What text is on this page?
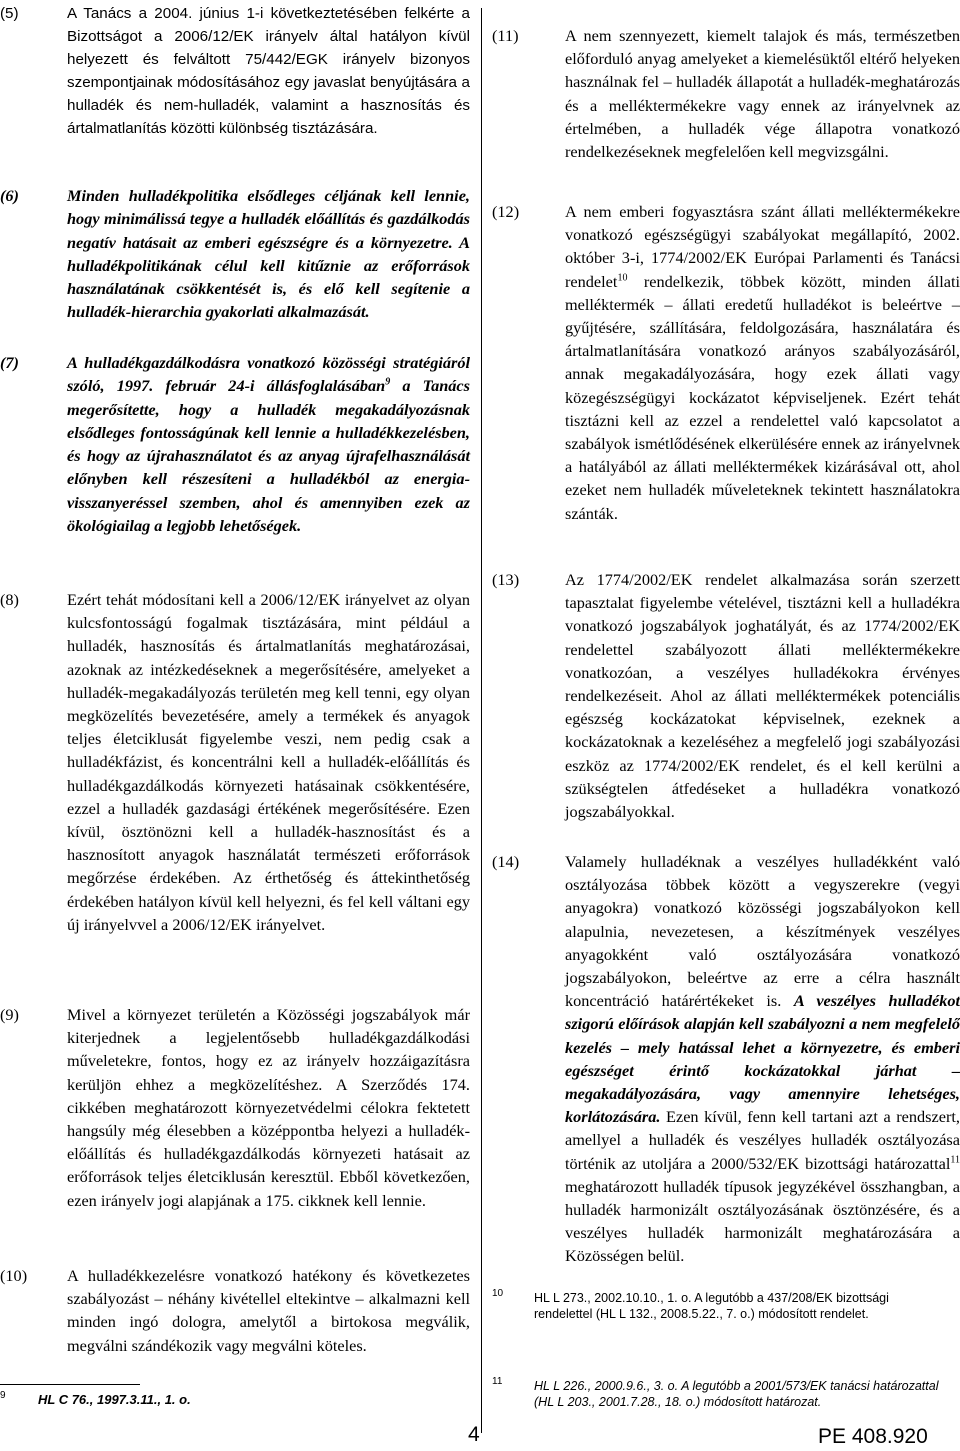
(5)	A Tanács a 2004. június 1-i következtetésében felkérte a Bizottságot a 2006/12/EK irányelv által hatályon kívül helyezett és felváltott 75/442/EGK irányelv bizonyos szempontjainak módosításához egy javaslat benyújtására a hulladék és nem-hulladék, valamint a hasznosítás és ártalmatlanítás közötti különbség tisztázására.
(6)	Minden hulladékpolitika elsődleges céljának kell lennie, hogy minimálissá tegye a hulladék előállítás és gazdálkodás negatív hatásait az emberi egészségre és a környezetre. A hulladékpolitikának célul kell kitűznie az erőforrások használatának csökkentését is, és elő kell segítenie a hulladék-hierarchia gyakorlati alkalmazását.
(7)	A hulladékgazdálkodásra vonatkozó közösségi stratégiáról szóló, 1997. február 24-i állásfoglalásában$^9$ a Tanács megerősítette, hogy a hulladék megakadályozásnak elsődleges fontosságúnak kell lennie a hulladékkezelésben, és hogy az újrahasználatot és az anyag újrafelhasználását előnyben kell részesíteni a hulladékból az energia-visszanyeréssel szemben, ahol és amennyiben ezek az ökológiailag a legjobb lehetőségek.
(8)	Ezért tehát módosítani kell a 2006/12/EK irányelvet az olyan kulcsfontosságú fogalmak tisztázására, mint például a hulladék, hasznosítás és ártalmatlanítás meghatározásai, azoknak az intézkedéseknek a megerősítésére, amelyeket a hulladék-megakadályozás területén meg kell tenni, egy olyan megközelítés bevezetésére, amely a termékek és anyagok teljes életciklusát figyelembe veszi, nem pedig csak a hulladékfázist, és koncentrálni kell a hulladék-előállítás és hulladékgazdálkodás környezeti hatásainak csökkentésére, ezzel a hulladék gazdasági értékének megerősítésére. Ezen kívül, ösztönözni kell a hulladék-hasznosítást és a hasznosított anyagok használatát természeti erőforrások megőrzése érdekében. Az érthetőség és áttekinthetőség érdekében hatályon kívül kell helyezni, és fel kell váltani egy új irányelvvel a 2006/12/EK irányelvet.
(9)	Mivel a környezet területén a Közösségi jogszabályok már kiterjednek a legjelentősebb hulladékgazdálkodási műveletekre, fontos, hogy ez az irányelv hozzáigazításra kerüljön ehhez a megközelítéshez. A Szerződés 174. cikkében meghatározott környezetvédelmi célokra fektetett hangsúly még élesebben a középpontba helyezi a hulladék-előállítás és hulladékgazdálkodás környezeti hatásait az erőforrások teljes életciklusán keresztül. Ebből következően, ezen irányelv jogi alapjának a 175. cikknek kell lennie.
(10) A hulladékkezelésre vonatkozó hatékony és következetes szabályozást – néhány kivétellel eltekintve – alkalmazni kell minden ingó dologra, amelytől a birtokosa megválik, megválni szándékozik vagy megválni köteles.
9 HL C 76., 1997.3.11., 1. o.
(11)	A nem szennyezett, kiemelt talajok és más, természetben előforduló anyag amelyeket a kiemelésüktől eltérő helyeken használnak fel – hulladék állapotát a hulladék-meghatározás és a melléktermékekre vagy ennek az irányelvnek az értelmében, a hulladék vége állapotra vonatkozó rendelkezéseknek megfelelően kell megvizsgálni.
(12)	A nem emberi fogyasztásra szánt állati melléktermékekre vonatkozó egészségügyi szabályokat megállapító, 2002. október 3-i, 1774/2002/EK Európai Parlamenti és Tanácsi rendelet$^{10}$ rendelkezik, többek között, minden állati melléktermék – állati eredetű hulladékot is beleértve – gyűjtésére, szállítására, feldolgozására, használatára és ártalmatlanítására vonatkozó arányos szabályozásáról, annak megakadályozására, hogy ezek állati vagy közegészségügyi kockázatot képviseljenek. Ezért tehát tisztázni kell az ezzel a rendelettel való kapcsolatot a szabályok ismétlődésének elkerülésére ennek az irányelvnek a hatályából az állati melléktermékek kizárásával ott, ahol ezeket nem hulladék műveleteknek tekintett használatokra szánták.
(13)	Az 1774/2002/EK rendelet alkalmazása során szerzett tapasztalat figyelembe vételével, tisztázni kell a hulladékra vonatkozó jogszabályok joghatályát, és az 1774/2002/EK rendelettel szabályozott állati melléktermékekre vonatkozóan, a veszélyes hulladékokra érvényes rendelkezéseit. Ahol az állati melléktermékek potenciális egészség kockázatokat képviselnek, ezeknek a kockázatoknak a kezeléséhez a megfelelő jogi szabályozási eszköz az 1774/2002/EK rendelet, és el kell kerülni a szükségtelen átfedéseket a hulladékra vonatkozó jogszabályokkal.
(14)	Valamely hulladéknak a veszélyes hulladékként való osztályozása többek között a vegyszerekre (vegyi anyagokra) vonatkozó közösségi jogszabályokon kell alapulnia, nevezetesen, a készítmények veszélyes anyagokként való osztályozására vonatkozó jogszabályokon, beleértve az erre a célra használt koncentráció határértékeket is. A veszélyes hulladékot szigorú előírások alapján kell szabályozni a nem megfelelő kezelés – mely hatással lehet a környezetre, és emberi egészséget érintő kockázatokkal járhat – megakadályozására, vagy amennyire lehetséges, korlátozására. Ezen kívül, fenn kell tartani azt a rendszert, amellyel a hulladék és veszélyes hulladék osztályozása történik az utoljára a 2000/532/EK bizottsági határozattal$^{11}$ meghatározott hulladék típusok jegyzékével összhangban, a hulladék harmonizált osztályozásának ösztönzésére, és a veszélyes hulladék harmonizált meghatározására a Közösségen belül.
10 HL L 273., 2002.10.10., 1. o. A legutóbb a 437/208/EK bizottsági rendelettel (HL L 132., 2008.5.22., 7. o.) módosított rendelet.
11	HL L 226., 2000.9.6., 3. o. A legutóbb a 2001/573/EK tanácsi határozattal (HL L 203., 2001.7.28., 18. o.) módosított határozat.
4	PE 408.920
